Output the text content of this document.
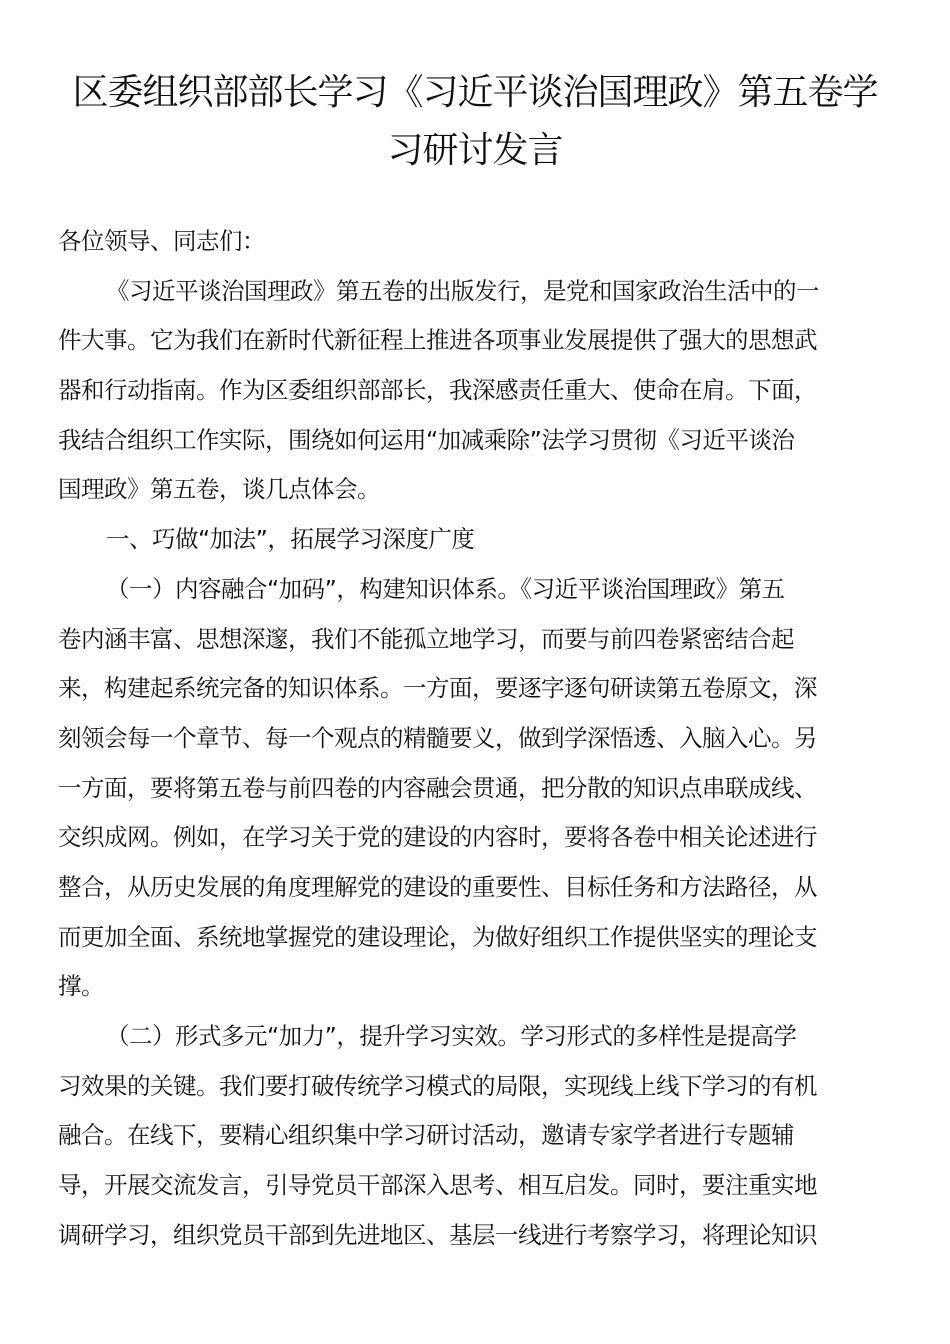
区委组织部部长学习《习近平谈治国理政》第五卷学
习研讨发言
各位领导、同志们：
《习近平谈治国理政》第五卷的出版发行，是党和国家政治生活中的一
件大事。它为我们在新时代新征程上推进各项事业发展提供了强大的思想武
器和行动指南。作为区委组织部部长，我深感责任重大、使命在肩。下面，
我结合组织工作实际，围绕如何运用“加减乘除”法学习贯彻《习近平谈治
国理政》第五卷，谈几点体会。
一、巧做“加法”，拓展学习深度广度
（一）内容融合“加码”，构建知识体系。《习近平谈治国理政》第五
卷内涵丰富、思想深邃，我们不能孤立地学习，而要与前四卷紧密结合起
来，构建起系统完备的知识体系。一方面，要逐字逐句研读第五卷原文，深
刻领会每一个章节、每一个观点的精髓要义，做到学深悟透、入脑入心。另
一方面，要将第五卷与前四卷的内容融会贯通，把分散的知识点串联成线、
交织成网。例如，在学习关于党的建设的内容时，要将各卷中相关论述进行
整合，从历史发展的角度理解党的建设的重要性、目标任务和方法路径，从
而更加全面、系统地掌握党的建设理论，为做好组织工作提供坚实的理论支
撑。
（二）形式多元“加力”，提升学习实效。学习形式的多样性是提高学
习效果的关键。我们要打破传统学习模式的局限，实现线上线下学习的有机
融合。在线下，要精心组织集中学习研讨活动，邀请专家学者进行专题辅
导，开展交流发言，引导党员干部深入思考、相互启发。同时，要注重实地
调研学习，组织党员干部到先进地区、基层一线进行考察学习，将理论知识
